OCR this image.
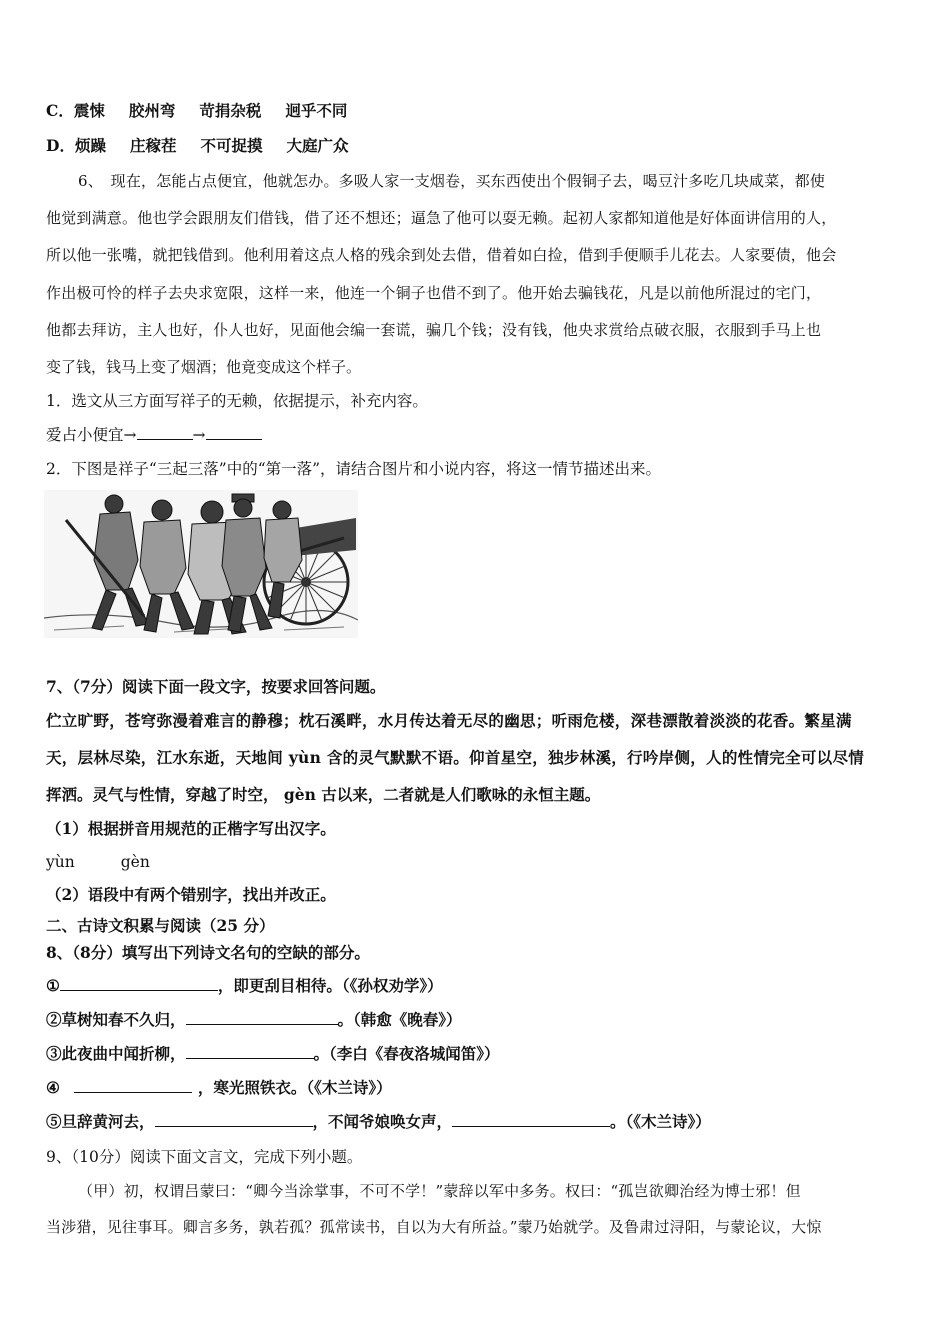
C．震悚 胶州弯 苛捐杂税 迥乎不同
D．烦躁 庄稼茬 不可捉摸 大庭广众
6、　现在，怎能占点便宜，他就怎办。多吸人家一支烟卷，买东西使出个假铜子去，喝豆汁多吃几块咸菜，都使
他觉到满意。他也学会跟朋友们借钱，借了还不想还；逼急了他可以耍无赖。起初人家都知道他是好体面讲信用的人，
所以他一张嘴，就把钱借到。他利用着这点人格的残余到处去借，借着如白捡，借到手便顺手儿花去。人家要债，他会
作出极可怜的样子去央求宽限，这样一来，他连一个铜子也借不到了。他开始去骗钱花，凡是以前他所混过的宅门，
他都去拜访，主人也好，仆人也好，见面他会编一套谎，骗几个钱；没有钱，他央求赏给点破衣服，衣服到手马上也
变了钱，钱马上变了烟酒；他竟变成这个样子。
1．选文从三方面写祥子的无赖，依据提示，补充内容。
爱占小便宜→	→
2．下图是祥子“三起三落”中的“第一落”，请结合图片和小说内容，将这一情节描述出来。
7、（7分）阅读下面一段文字，按要求回答问题。
伫立旷野，苍穹弥漫着难言的静穆；枕石溪畔，水月传达着无尽的幽思；听雨危楼，深巷漂散着淡淡的花香。繁星满
天，层林尽染，江水东逝，天地间 yùn 含的灵气默默不语。仰首星空，独步林溪，行吟岸侧，人的性情完全可以尽情
挥洒。灵气与性情，穿越了时空， gèn 古以来，二者就是人们歌咏的永恒主题。
（1）根据拼音用规范的正楷字写出汉字。
yùn	gèn
（2）语段中有两个错别字，找出并改正。
二、古诗文积累与阅读（25 分）
8、（8分）填写出下列诗文名句的空缺的部分。
①	，即更刮目相待。（《孙权劝学》）
②草树知春不久归，	。（韩愈《晚春》）
③此夜曲中闻折柳，	。（李白《春夜洛城闻笛》）
④	，寒光照铁衣。（《木兰诗》）
⑤旦辞黄河去，	，不闻爷娘唤女声，	。（《木兰诗》）
9、（10分）阅读下面文言文，完成下列小题。
（甲）初，权谓吕蒙曰：“卿今当涂掌事，不可不学！”蒙辞以军中多务。权曰：“孤岂欲卿治经为博士邪！但
当涉猎，见往事耳。卿言多务，孰若孤？孤常读书，自以为大有所益。”蒙乃始就学。及鲁肃过浔阳，与蒙论议，大惊
